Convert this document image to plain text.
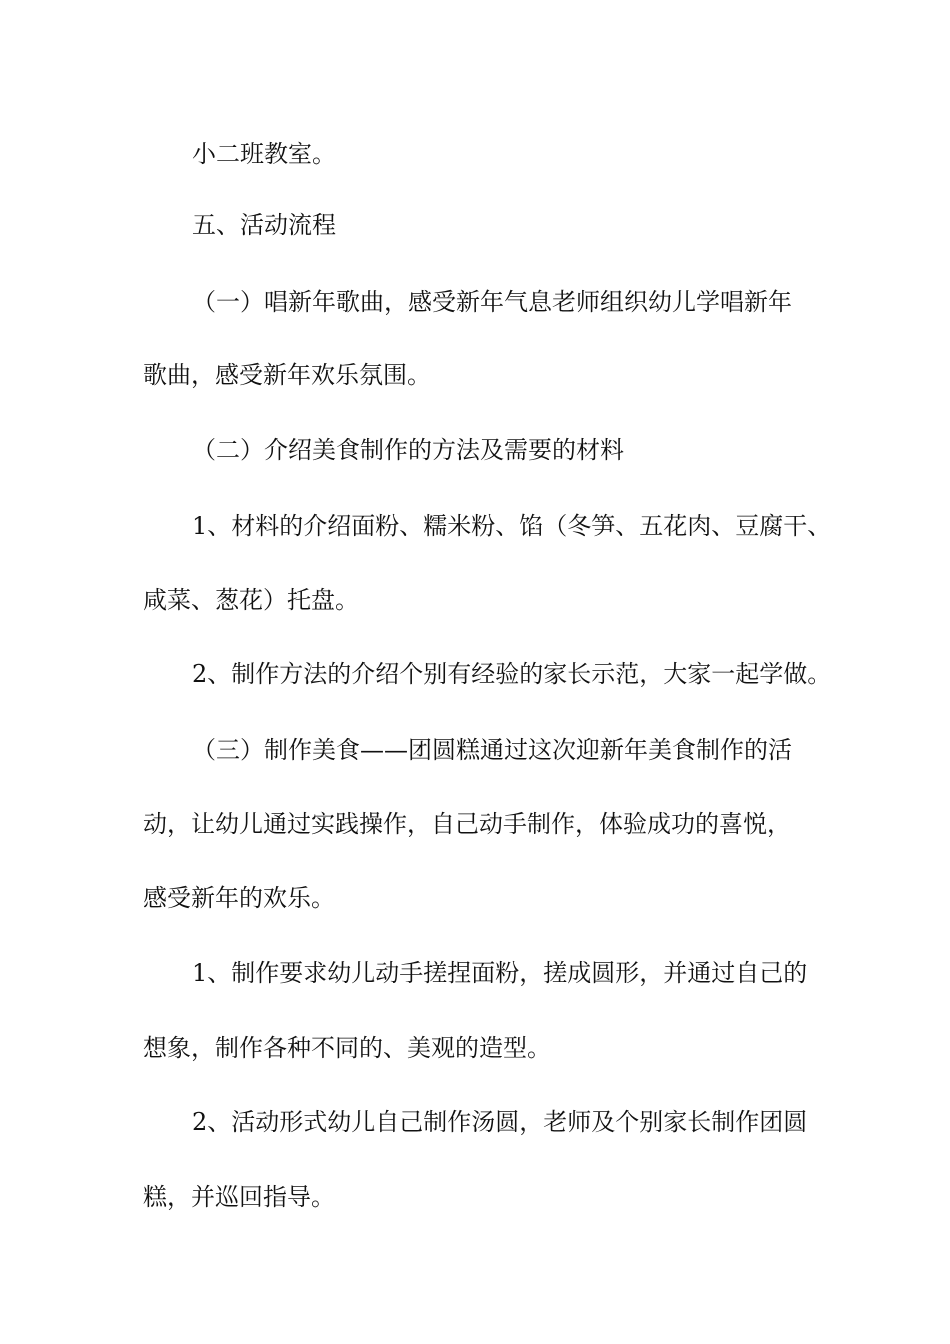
小二班教室。

五、活动流程

（一）唱新年歌曲，感受新年气息老师组织幼儿学唱新年

歌曲，感受新年欢乐氛围。

（二）介绍美食制作的方法及需要的材料

1、材料的介绍面粉、糯米粉、馅（冬笋、五花肉、豆腐干、

咸菜、葱花）托盘。

2、制作方法的介绍个别有经验的家长示范，大家一起学做。

（三）制作美食——团圆糕通过这次迎新年美食制作的活

动，让幼儿通过实践操作，自己动手制作，体验成功的喜悦，

感受新年的欢乐。

1、制作要求幼儿动手搓捏面粉，搓成圆形，并通过自己的

想象，制作各种不同的、美观的造型。

2、活动形式幼儿自己制作汤圆，老师及个别家长制作团圆

糕，并巡回指导。
